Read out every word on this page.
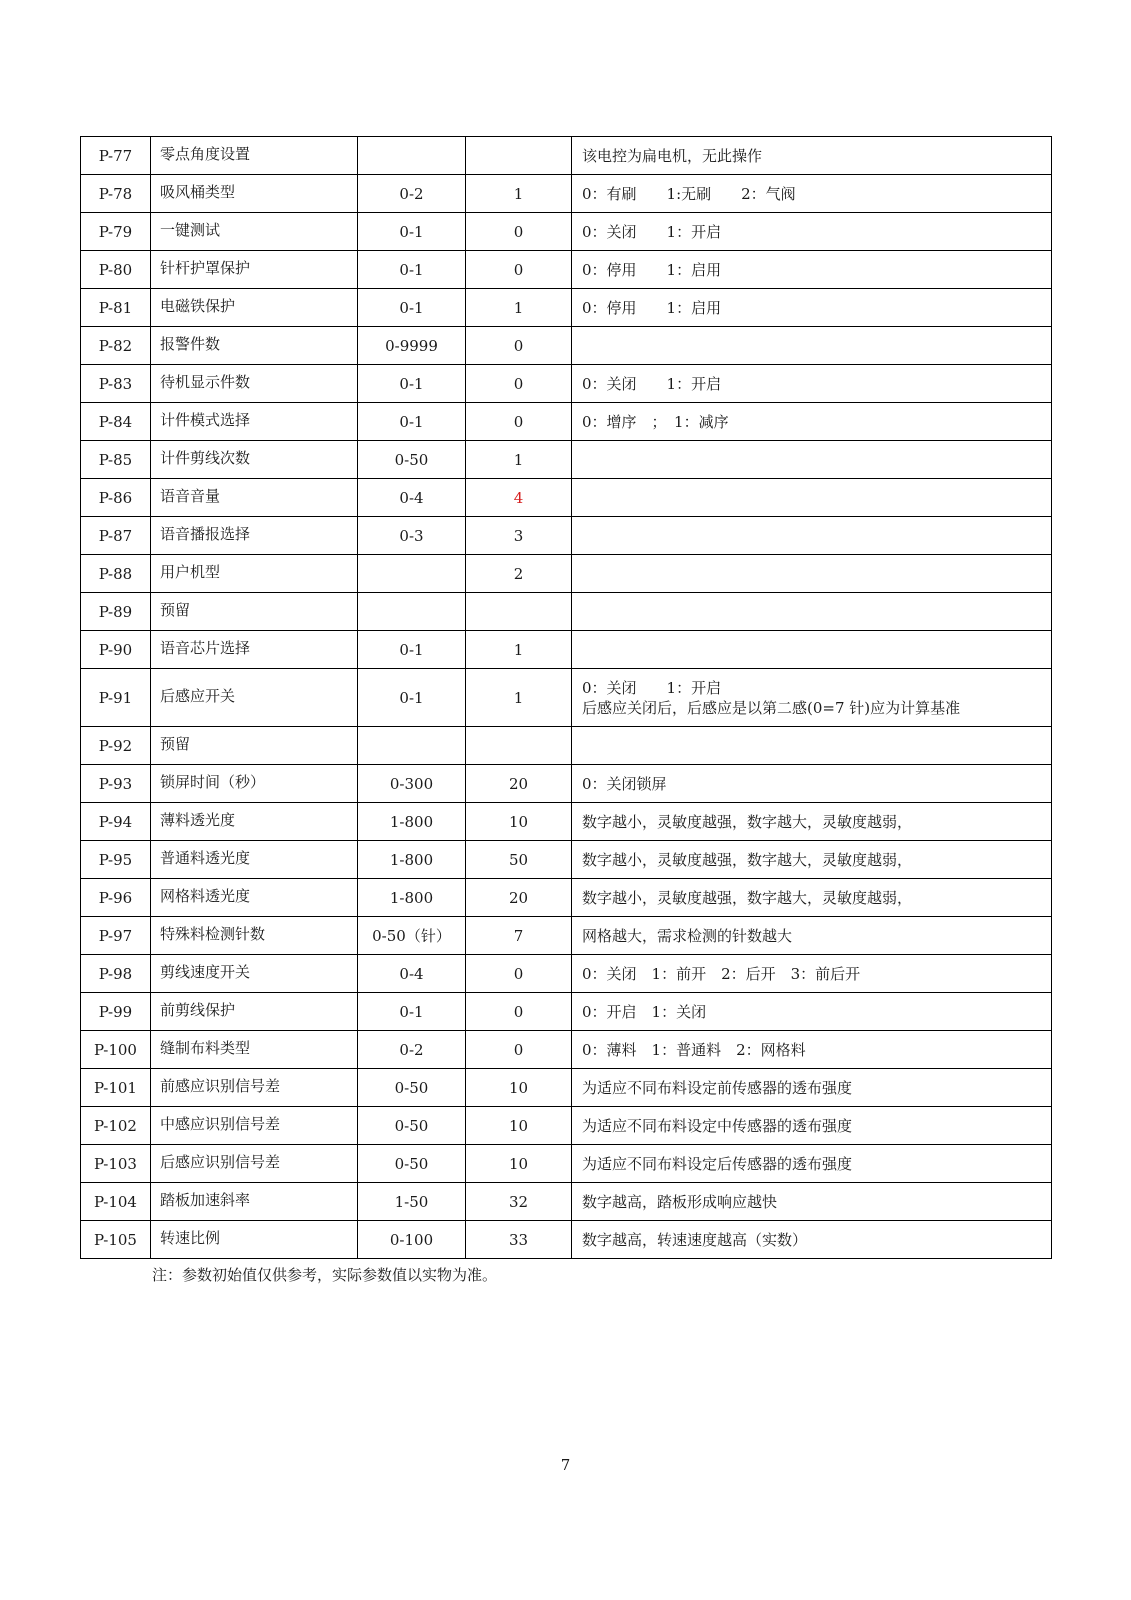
P-77	零点角度设置			该电控为扁电机，无此操作

P-78	吸风桶类型	0-2	1	0：有刷　　1:无刷　　2：气阀

P-79	一键测试	0-1	0	0：关闭　　1：开启

P-80	针杆护罩保护	0-1	0	0：停用　　1：启用

P-81	电磁铁保护	0-1	1	0：停用　　1：启用

P-82	报警件数	0-9999	0	
P-83	待机显示件数	0-1	0	0：关闭　　1：开启

P-84	计件模式选择	0-1	0	0：增序　；　1：减序

P-85	计件剪线次数	0-50	1	
P-86	语音音量	0-4	4	
P-87	语音播报选择	0-3	3	
P-88	用户机型		2	
P-89	预留			
P-90	语音芯片选择	0-1	1	
P-91	后感应开关	0-1	1	0：关闭　　1：开启
后感应关闭后，后感应是以第二感(0=7 针)应为计算基准

P-92	预留			
P-93	锁屏时间（秒）	0-300	20	0：关闭锁屏

P-94	薄料透光度	1-800	10	数字越小，灵敏度越强，数字越大，灵敏度越弱，

P-95	普通料透光度	1-800	50	数字越小，灵敏度越强，数字越大，灵敏度越弱，

P-96	网格料透光度	1-800	20	数字越小，灵敏度越强，数字越大，灵敏度越弱，

P-97	特殊料检测针数	0-50（针）	7	网格越大，需求检测的针数越大

P-98	剪线速度开关	0-4	0	0：关闭　1：前开　2：后开　3：前后开

P-99	前剪线保护	0-1	0	0：开启　1：关闭

P-100	缝制布料类型	0-2	0	0：薄料　1：普通料　2：网格料

P-101	前感应识别信号差	0-50	10	为适应不同布料设定前传感器的透布强度

P-102	中感应识别信号差	0-50	10	为适应不同布料设定中传感器的透布强度

P-103	后感应识别信号差	0-50	10	为适应不同布料设定后传感器的透布强度

P-104	踏板加速斜率	1-50	32	数字越高，踏板形成响应越快

P-105	转速比例	0-100	33	数字越高，转速速度越高（实数）
注：参数初始值仅供参考，实际参数值以实物为准。
7
